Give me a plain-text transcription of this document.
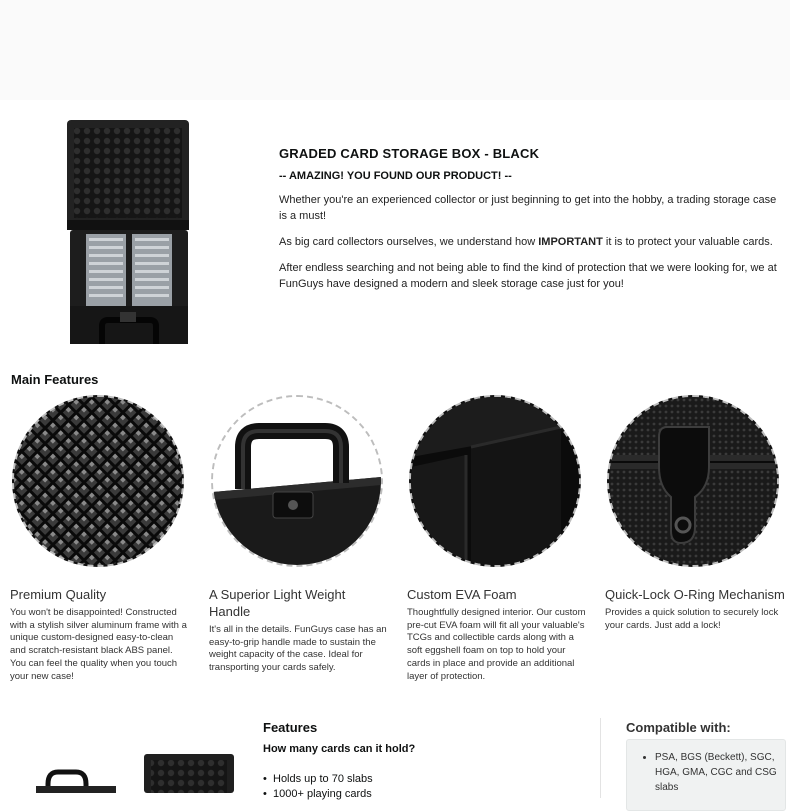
GRADED CARD STORAGE BOX - BLACK

-- AMAZING! YOU FOUND OUR PRODUCT! --

Whether you're an experienced collector or just beginning to get into the hobby, a trading storage case is a must!

As big card collectors ourselves, we understand how IMPORTANT it is to protect your valuable cards.

After endless searching and not being able to find the kind of protection that we were looking for, we at FunGuys have designed a modern and sleek storage case just for you!

Main Features

Premium Quality

You won't be disappointed! Constructed with a stylish silver aluminum frame with a unique custom-designed easy-to-clean and scratch-resistant black ABS panel. You can feel the quality when you touch your new case!

A Superior Light Weight Handle

It's all in the details. FunGuys case has an easy-to-grip handle made to sustain the weight capacity of the case. Ideal for transporting your cards safely.

Custom EVA Foam

Thoughtfully designed interior. Our custom pre-cut EVA foam will fit all your valuable's TCGs and collectible cards along with a soft eggshell foam on top to hold your cards in place and provide an additional layer of protection.

Quick-Lock O-Ring Mechanism

Provides a quick solution to securely lock your cards. Just add a lock!

Features

How many cards can it hold?

• Holds up to 70 slabs
• 1000+ playing cards
Compatible with:
• PSA, BGS (Beckett), SGC, HGA, GMA, CGC and CSG slabs
